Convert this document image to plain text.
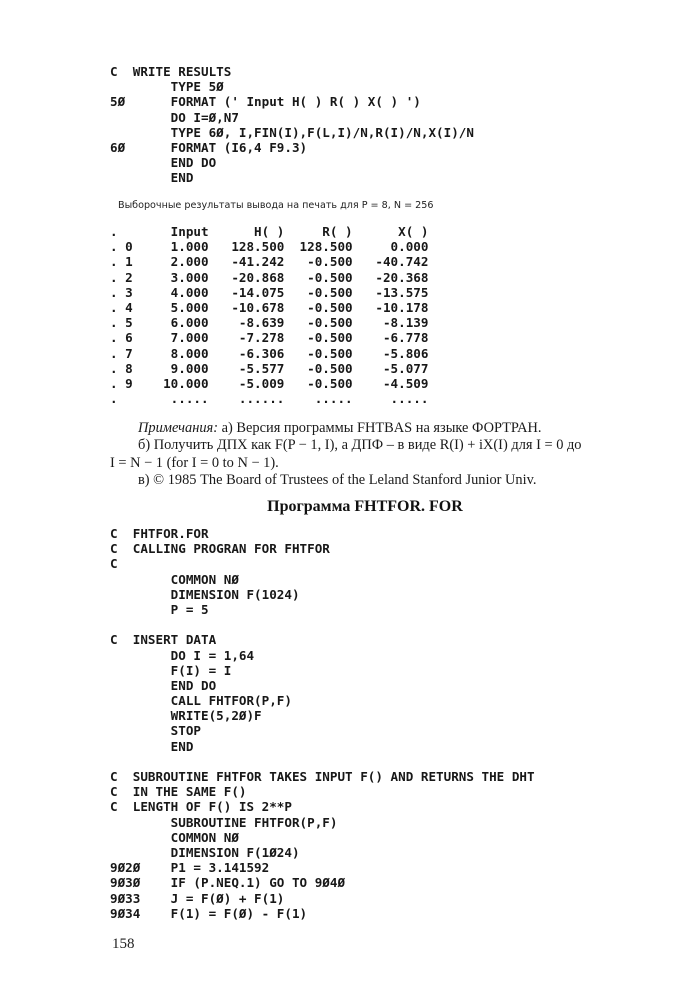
C  WRITE RESULTS
TYPE 5Ø
5Ø      FORMAT (' Input H( ) R( ) X( ) ')
DO I=Ø,N7
TYPE 6Ø, I,FIN(I),F(L,I)/N,R(I)/N,X(I)/N
6Ø      FORMAT (I6,4 F9.3)
END DO
END
Выборочные результаты вывода на печать для P = 8, N = 256
.       Input      H( )     R( )      X( )
. 0     1.000   128.500  128.500     0.000
. 1     2.000   -41.242   -0.500   -40.742
. 2     3.000   -20.868   -0.500   -20.368
. 3     4.000   -14.075   -0.500   -13.575
. 4     5.000   -10.678   -0.500   -10.178
. 5     6.000    -8.639   -0.500    -8.139
. 6     7.000    -7.278   -0.500    -6.778
. 7     8.000    -6.306   -0.500    -5.806
. 8     9.000    -5.577   -0.500    -5.077
. 9    10.000    -5.009   -0.500    -4.509
.       .....    ......    .....     .....
Примечания: а) Версия программы FHTBAS на языке ФОРТРАН.
б) Получить ДПХ как F(P − 1, I), а ДПФ – в виде R(I) + iX(I) для I = 0 до
I = N − 1 (for I = 0 to N − 1).
в) © 1985 The Board of Trustees of the Leland Stanford Junior Univ.
Программа FHTFOR. FOR
C  FHTFOR.FOR
C  CALLING PROGRAN FOR FHTFOR
C
COMMON NØ
DIMENSION F(1024)
P = 5

C  INSERT DATA
DO I = 1,64
F(I) = I
END DO
CALL FHTFOR(P,F)
WRITE(5,2Ø)F
STOP
END

C  SUBROUTINE FHTFOR TAKES INPUT F() AND RETURNS THE DHT
C  IN THE SAME F()
C  LENGTH OF F() IS 2**P
SUBROUTINE FHTFOR(P,F)
COMMON NØ
DIMENSION F(1Ø24)
9Ø2Ø    P1 = 3.141592
9Ø3Ø    IF (P.NEQ.1) GO TO 9Ø4Ø
9Ø33    J = F(Ø) + F(1)
9Ø34    F(1) = F(Ø) - F(1)
158
